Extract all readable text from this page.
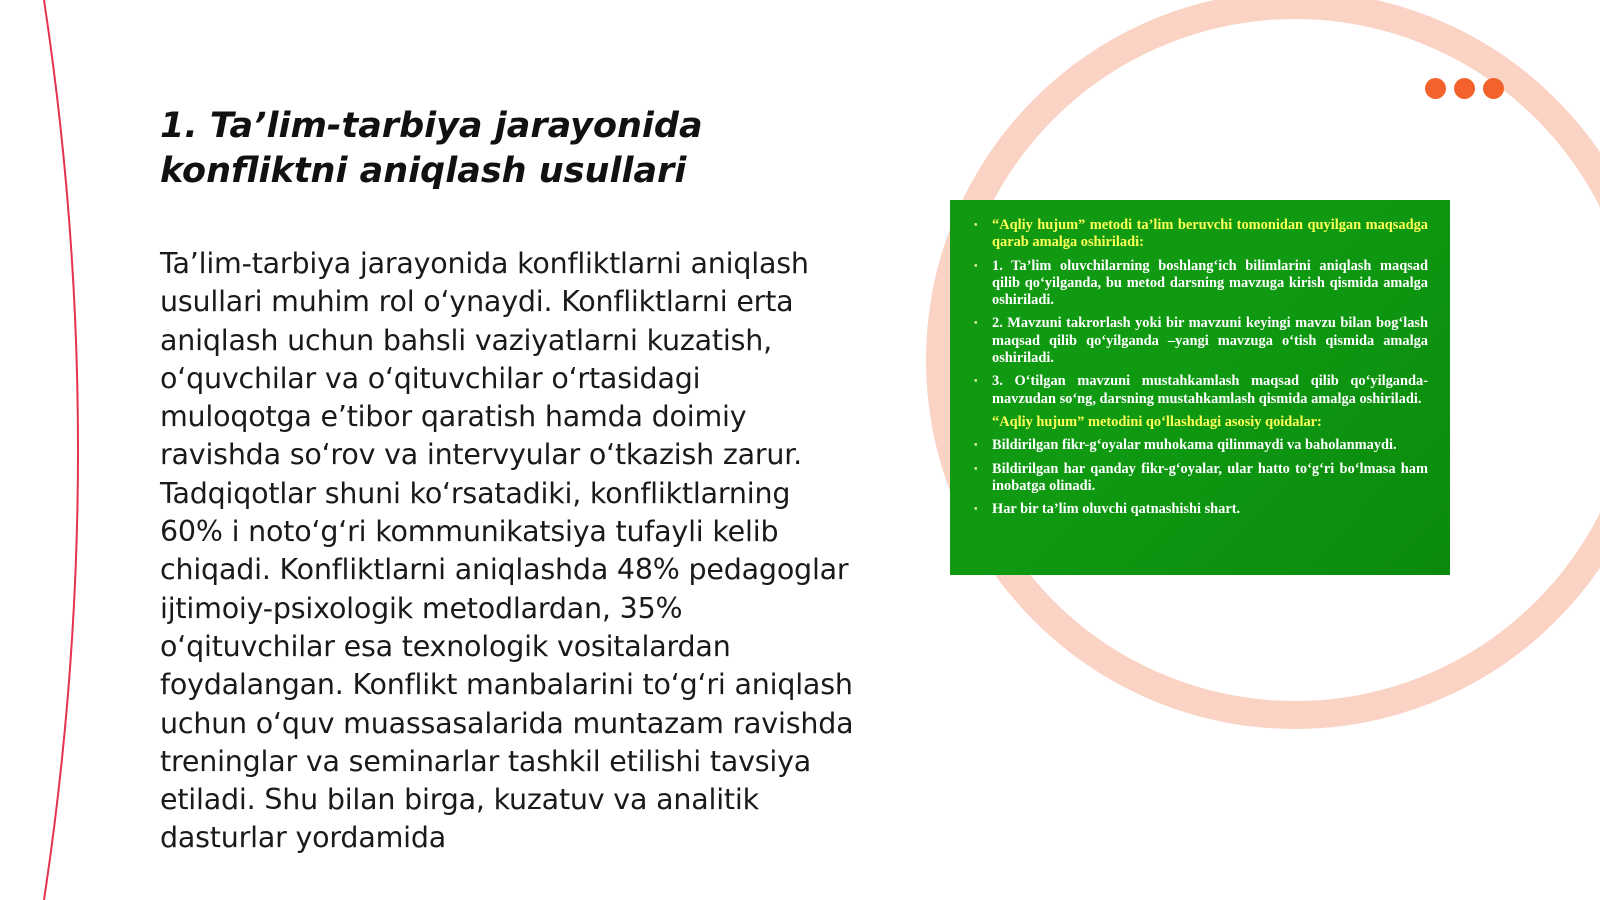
1. Ta’lim-tarbiya jarayonida konfliktni aniqlash usullari

Ta’lim-tarbiya jarayonida konfliktlarni aniqlash usullari muhim rol o‘ynaydi. Konfliktlarni erta aniqlash uchun bahsli vaziyatlarni kuzatish, o‘quvchilar va o‘qituvchilar o‘rtasidagi muloqotga e’tibor qaratish hamda doimiy ravishda so‘rov va intervyular o‘tkazish zarur. Tadqiqotlar shuni ko‘rsatadiki, konfliktlarning 60% i noto‘g‘ri kommunikatsiya tufayli kelib chiqadi. Konfliktlarni aniqlashda 48% pedagoglar ijtimoiy-psixologik metodlardan, 35% o‘qituvchilar esa texnologik vositalardan foydalangan. Konflikt manbalarini to‘g‘ri aniqlash uchun o‘quv muassasalarida muntazam ravishda treninglar va seminarlar tashkil etilishi tavsiya etiladi. Shu bilan birga, kuzatuv va analitik dasturlar yordamida

• “Aqliy hujum” metodi ta’lim beruvchi tomonidan quyilgan maqsadga qarab amalga oshiriladi:
• 1. Ta’lim oluvchilarning boshlang‘ich bilimlarini aniqlash maqsad qilib qo‘yilganda, bu metod darsning mavzuga kirish qismida amalga oshiriladi.
• 2. Mavzuni takrorlash yoki bir mavzuni keyingi mavzu bilan bog‘lash maqsad qilib qo‘yilganda –yangi mavzuga o‘tish qismida amalga oshiriladi.
• 3. O‘tilgan mavzuni mustahkamlash maqsad qilib qo‘yilganda-mavzudan so‘ng, darsning mustahkamlash qismida amalga oshiriladi.
“Aqliy hujum” metodini qo‘llashdagi asosiy qoidalar:
• Bildirilgan fikr-g‘oyalar muhokama qilinmaydi va baholanmaydi.
• Bildirilgan har qanday fikr-g‘oyalar, ular hatto to‘g‘ri bo‘lmasa ham inobatga olinadi.
• Har bir ta’lim oluvchi qatnashishi shart.
